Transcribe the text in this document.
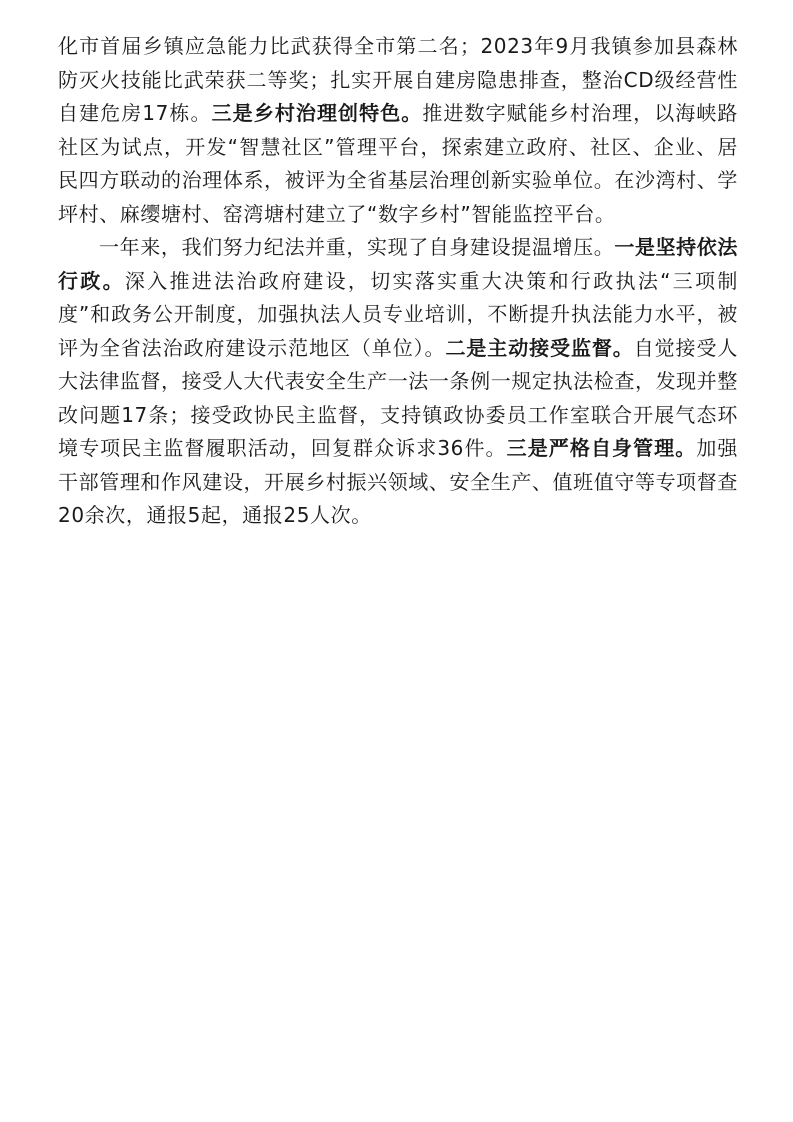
化市首届乡镇应急能力比武获得全市第二名；2023年9月我镇参加县森林防灭火技能比武荣获二等奖；扎实开展自建房隐患排查，整治CD级经营性自建危房17栋。三是乡村治理创特色。推进数字赋能乡村治理，以海峡路社区为试点，开发“智慧社区”管理平台，探索建立政府、社区、企业、居民四方联动的治理体系，被评为全省基层治理创新实验单位。在沙湾村、学坪村、麻缨塘村、窑湾塘村建立了“数字乡村”智能监控平台。

一年来，我们努力纪法并重，实现了自身建设提温增压。一是坚持依法行政。深入推进法治政府建设，切实落实重大决策和行政执法“三项制度”和政务公开制度，加强执法人员专业培训，不断提升执法能力水平，被评为全省法治政府建设示范地区（单位）。二是主动接受监督。自觉接受人大法律监督，接受人大代表安全生产一法一条例一规定执法检查，发现并整改问题17条；接受政协民主监督，支持镇政协委员工作室联合开展气态环境专项民主监督履职活动，回复群众诉求36件。三是严格自身管理。加强干部管理和作风建设，开展乡村振兴领域、安全生产、值班值守等专项督查20余次，通报5起，通报25人次。
